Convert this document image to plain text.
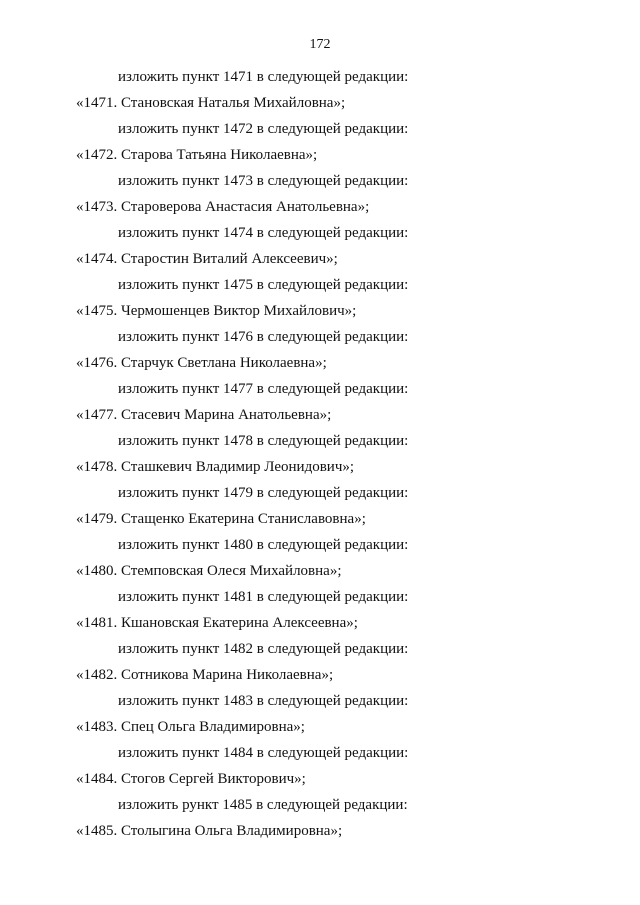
172
изложить пункт 1471 в следующей редакции:
«1471. Становская Наталья Михайловна»;
изложить пункт 1472 в следующей редакции:
«1472. Старова Татьяна Николаевна»;
изложить пункт 1473 в следующей редакции:
«1473. Староверова Анастасия Анатольевна»;
изложить пункт 1474 в следующей редакции:
«1474. Старостин Виталий Алексеевич»;
изложить пункт 1475 в следующей редакции:
«1475. Чермошенцев Виктор Михайлович»;
изложить пункт 1476 в следующей редакции:
«1476. Старчук Светлана Николаевна»;
изложить пункт 1477 в следующей редакции:
«1477. Стасевич Марина Анатольевна»;
изложить пункт 1478 в следующей редакции:
«1478. Сташкевич Владимир Леонидович»;
изложить пункт 1479 в следующей редакции:
«1479. Стащенко Екатерина Станиславовна»;
изложить пункт 1480 в следующей редакции:
«1480. Стемповская Олеся Михайловна»;
изложить пункт 1481 в следующей редакции:
«1481. Кшановская Екатерина Алексеевна»;
изложить пункт 1482 в следующей редакции:
«1482. Сотникова Марина Николаевна»;
изложить пункт 1483 в следующей редакции:
«1483. Спец Ольга Владимировна»;
изложить пункт 1484 в следующей редакции:
«1484. Стогов Сергей Викторович»;
изложить рункт 1485 в следующей редакции:
«1485. Столыгина Ольга Владимировна»;
